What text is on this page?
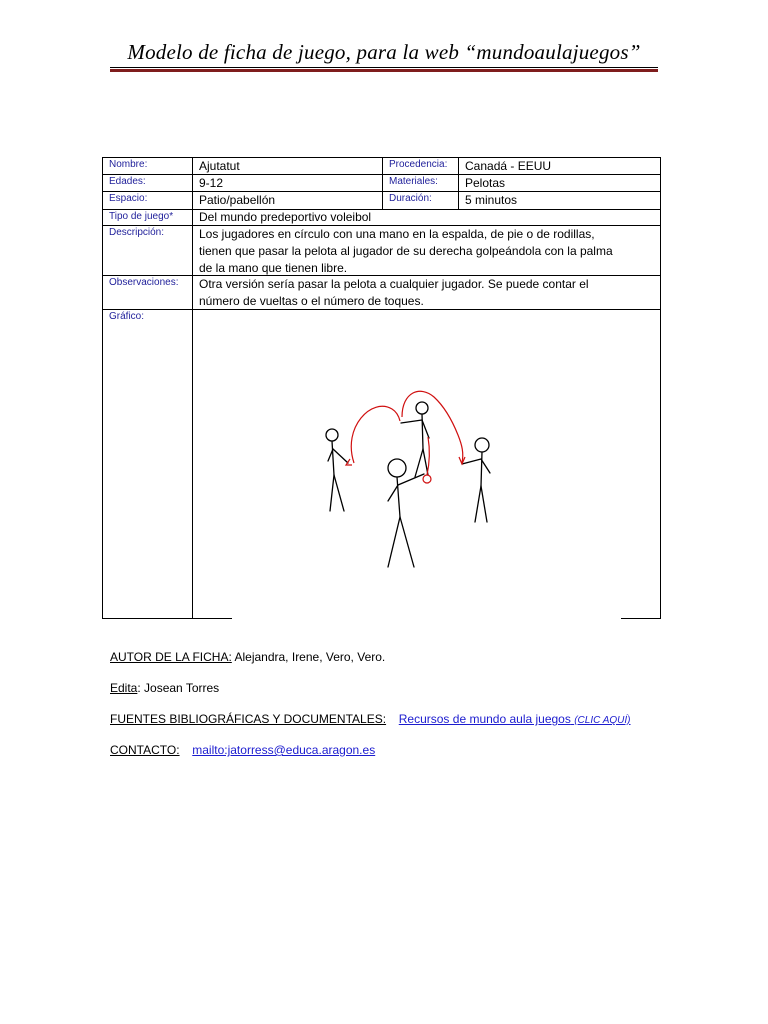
Modelo de ficha de juego, para la web “mundoaulajuegos”
Nombre:	Ajutatut	Procedencia:	Canadá - EEUU
Edades:	9-12	Materiales:	Pelotas
Espacio:	Patio/pabellón	Duración:	5 minutos
Tipo de juego*	Del mundo predeportivo voleibol
Descripción:	Los jugadores en círculo con una mano en la espalda, de pie o de rodillas,
tienen que pasar la pelota al jugador de su derecha golpeándola con la palma
de la mano que tienen libre.
Observaciones:	Otra versión sería pasar la pelota a cualquier jugador. Se puede contar el
número de vueltas o el número de toques.
Gráfico:
AUTOR DE LA FICHA: Alejandra, Irene, Vero, Vero.
Edita: Josean Torres
FUENTES BIBLIOGRÁFICAS Y DOCUMENTALES: Recursos de mundo aula juegos (CLIC AQUÍ)
CONTACTO: mailto:jatorress@educa.aragon.es
